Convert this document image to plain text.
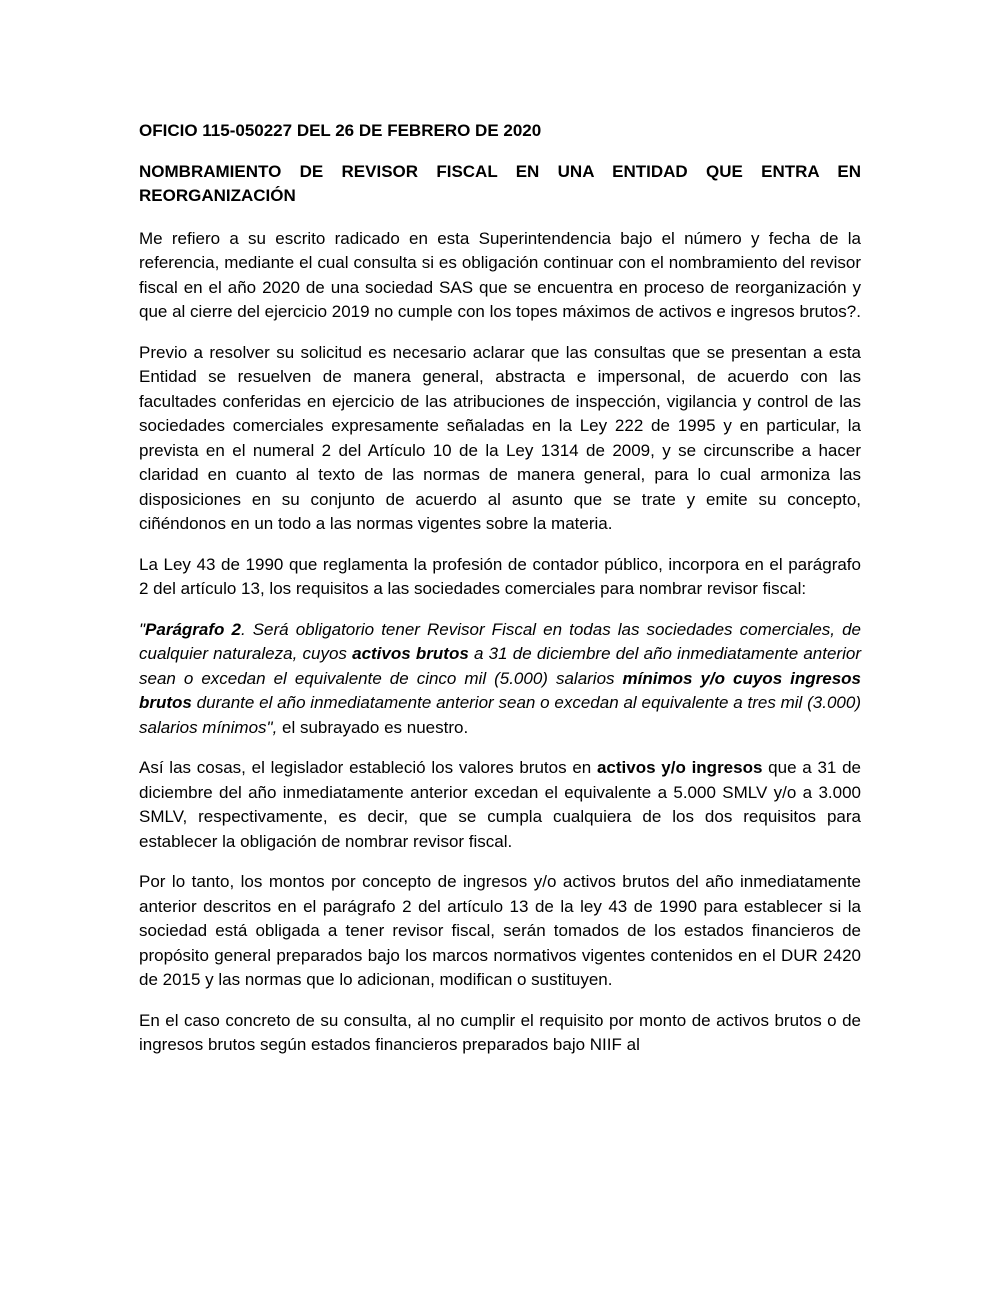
OFICIO 115-050227 DEL 26 DE FEBRERO DE 2020
NOMBRAMIENTO DE REVISOR FISCAL EN UNA ENTIDAD QUE ENTRA EN REORGANIZACIÓN

Me refiero a su escrito radicado en esta Superintendencia bajo el número y fecha de la referencia, mediante el cual consulta si es obligación continuar con el nombramiento del revisor fiscal en el año 2020 de una sociedad SAS que se encuentra en proceso de reorganización y que al cierre del ejercicio 2019 no cumple con los topes máximos de activos e ingresos brutos?.

Previo a resolver su solicitud es necesario aclarar que las consultas que se presentan a esta Entidad se resuelven de manera general, abstracta e impersonal, de acuerdo con las facultades conferidas en ejercicio de las atribuciones de inspección, vigilancia y control de las sociedades comerciales expresamente señaladas en la Ley 222 de 1995 y en particular, la prevista en el numeral 2 del Artículo 10 de la Ley 1314 de 2009, y se circunscribe a hacer claridad en cuanto al texto de las normas de manera general, para lo cual armoniza las disposiciones en su conjunto de acuerdo al asunto que se trate y emite su concepto, ciñéndonos en un todo a las normas vigentes sobre la materia.

La Ley 43 de 1990 que reglamenta la profesión de contador público, incorpora en el parágrafo 2 del artículo 13, los requisitos a las sociedades comerciales para nombrar revisor fiscal:

"Parágrafo 2. Será obligatorio tener Revisor Fiscal en todas las sociedades comerciales, de cualquier naturaleza, cuyos activos brutos a 31 de diciembre del año inmediatamente anterior sean o excedan el equivalente de cinco mil (5.000) salarios mínimos y/o cuyos ingresos brutos durante el año inmediatamente anterior sean o excedan al equivalente a tres mil (3.000) salarios mínimos", el subrayado es nuestro.

Así las cosas, el legislador estableció los valores brutos en activos y/o ingresos que a 31 de diciembre del año inmediatamente anterior excedan el equivalente a 5.000 SMLV y/o a 3.000 SMLV, respectivamente, es decir, que se cumpla cualquiera de los dos requisitos para establecer la obligación de nombrar revisor fiscal.

Por lo tanto, los montos por concepto de ingresos y/o activos brutos del año inmediatamente anterior descritos en el parágrafo 2 del artículo 13 de la ley 43 de 1990 para establecer si la sociedad está obligada a tener revisor fiscal, serán tomados de los estados financieros de propósito general preparados bajo los marcos normativos vigentes contenidos en el DUR 2420 de 2015 y las normas que lo adicionan, modifican o sustituyen.

En el caso concreto de su consulta, al no cumplir el requisito por monto de activos brutos o de ingresos brutos según estados financieros preparados bajo NIIF al
